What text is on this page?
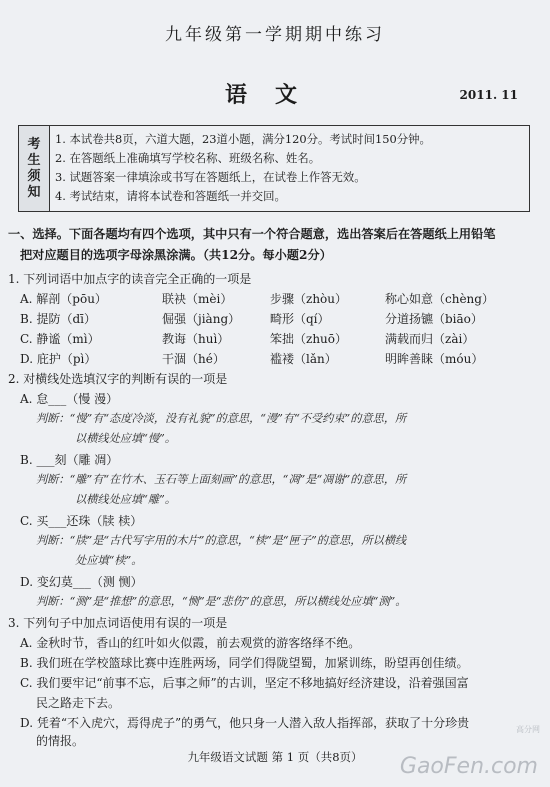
九年级第一学期期中练习
语文	2011. 11
考
生
须
知
1. 本试卷共8页，六道大题，23道小题，满分120分。考试时间150分钟。
2. 在答题纸上准确填写学校名称、班级名称、姓名。
3. 试题答案一律填涂或书写在答题纸上，在试卷上作答无效。
4. 考试结束，请将本试卷和答题纸一并交回。
一、选择。下面各题均有四个选项，其中只有一个符合题意，选出答案后在答题纸上用铅笔
把对应题目的选项字母涂黑涂满。（共12分。每小题2分）
1. 下列词语中加点字的读音完全正确的一项是
A. 解剖（pōu）	联袂（mèi）	步骤（zhòu）	称心如意（chèng）
B. 提防（dī）	倔强（jiàng） 畸形（qí）	分道扬镳（biāo）
C. 静谧（mì）	教诲（huì）	笨拙（zhuō）	满载而归（zài）
D. 庇护（pì）	干涸（hé）	褴褛（lǎn）	明眸善睐（móu）
2. 对横线处选填汉字的判断有误的一项是
A. 怠___（慢 漫）
判断：“慢”有“态度冷淡，没有礼貌”的意思，“漫”有“不受约束”的意思，所
以横线处应填“慢”。
B. ___刻（雕 凋）
判断：“雕”有“在竹木、玉石等上面刻画”的意思，“凋”是“凋谢”的意思，所
以横线处应填“雕”。
C. 买___还珠（牍 椟）
判断：“牍”是“古代写字用的木片”的意思，“椟”是“匣子”的意思，所以横线
处应填“椟”。
D. 变幻莫___（测 恻）
判断：“测”是“推想”的意思，“恻”是“悲伤”的意思，所以横线处应填“测”。
3. 下列句子中加点词语使用有误的一项是
A. 金秋时节，香山的红叶如火似霞，前去观赏的游客络绎不绝。
B. 我们班在学校篮球比赛中连胜两场，同学们得陇望蜀，加紧训练，盼望再创佳绩。
C. 我们要牢记“前事不忘，后事之师”的古训，坚定不移地搞好经济建设，沿着强国富
民之路走下去。
D. 凭着“不入虎穴，焉得虎子”的勇气，他只身一人潜入敌人指挥部，获取了十分珍贵
的情报。
九年级语文试题 第 1 页（共8页）
高分网
GaoFen.com
